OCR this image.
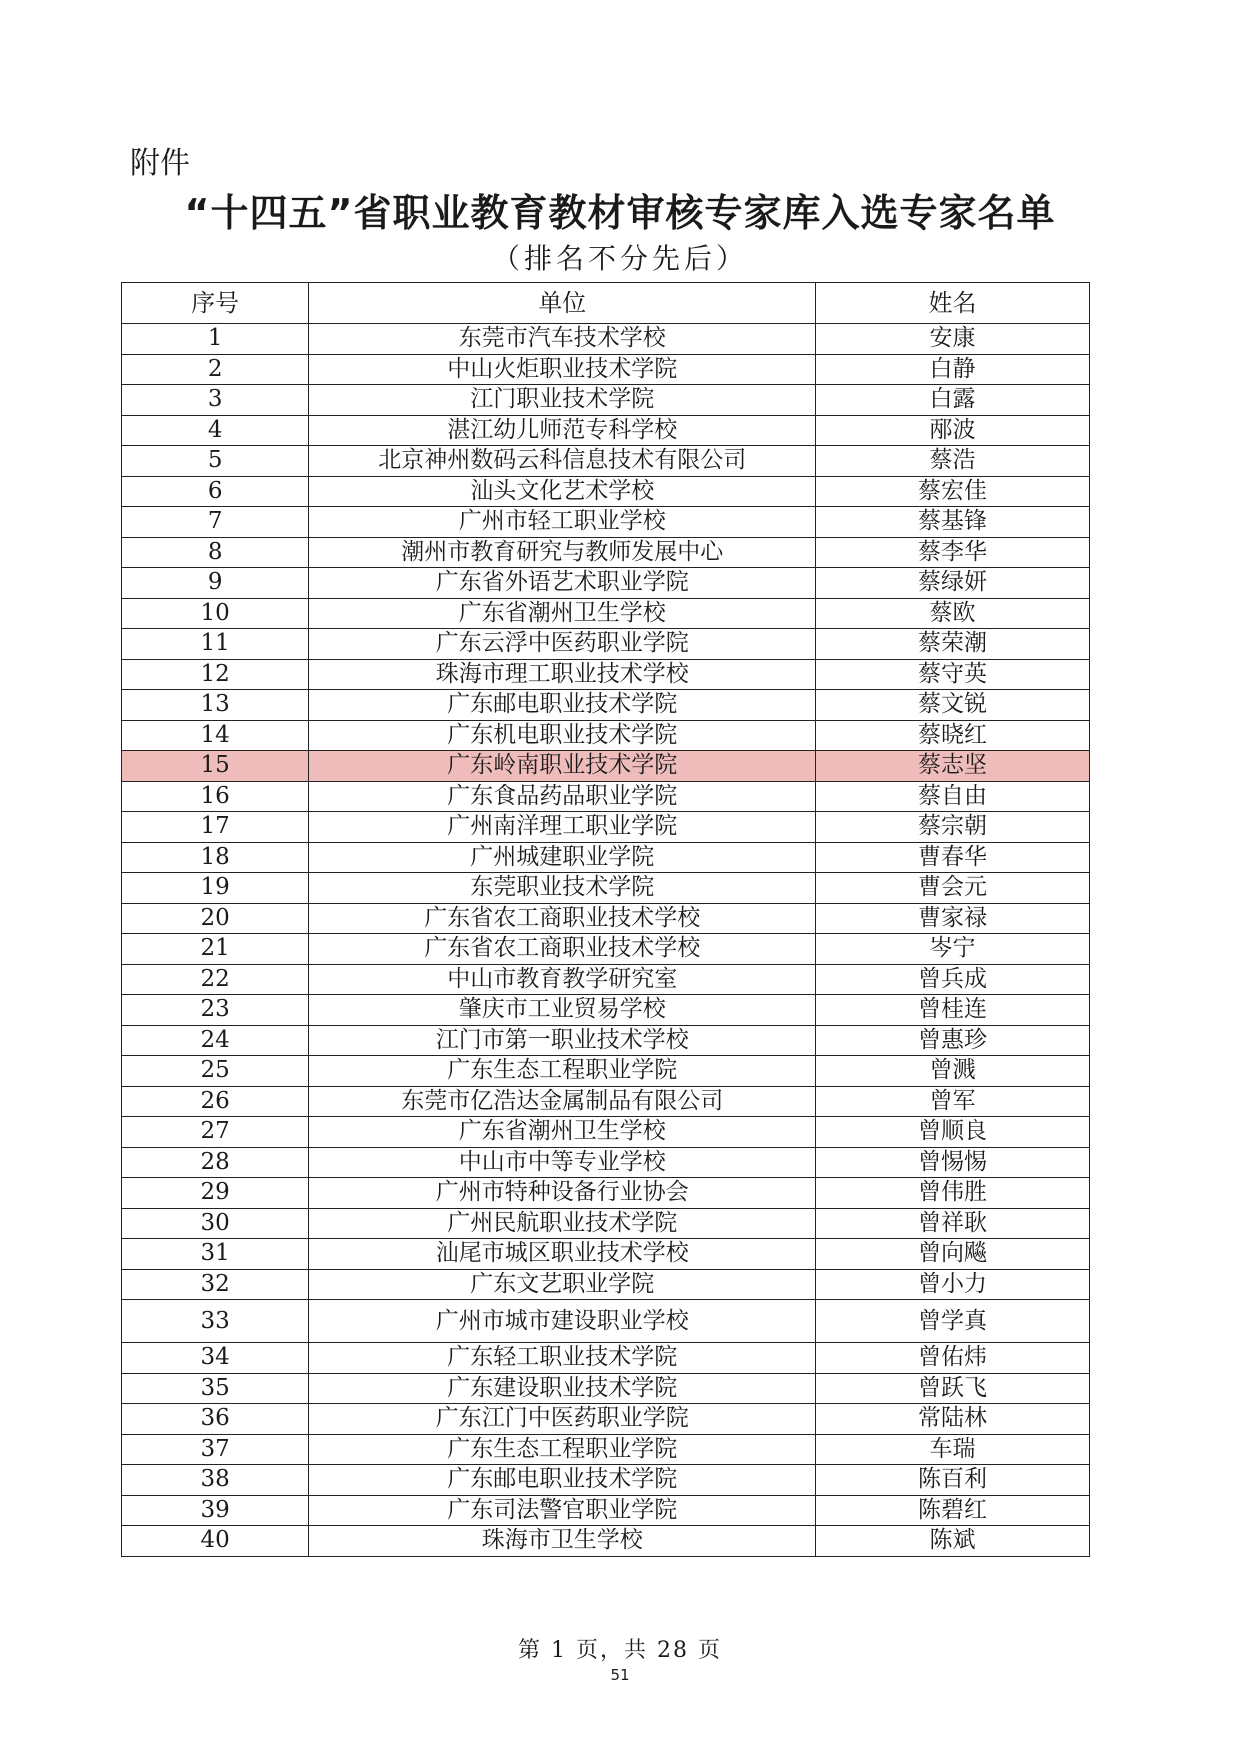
附件
“十四五”省职业教育教材审核专家库入选专家名单
（排名不分先后）
序号	单位	姓名
1	东莞市汽车技术学校	安康
2	中山火炬职业技术学院	白静
3	江门职业技术学院	白露
4	湛江幼儿师范专科学校	邴波
5	北京神州数码云科信息技术有限公司	蔡浩
6	汕头文化艺术学校	蔡宏佳
7	广州市轻工职业学校	蔡基锋
8	潮州市教育研究与教师发展中心	蔡李华
9	广东省外语艺术职业学院	蔡绿妍
10	广东省潮州卫生学校	蔡欧
11	广东云浮中医药职业学院	蔡荣潮
12	珠海市理工职业技术学校	蔡守英
13	广东邮电职业技术学院	蔡文锐
14	广东机电职业技术学院	蔡晓红
15	广东岭南职业技术学院	蔡志坚
16	广东食品药品职业学院	蔡自由
17	广州南洋理工职业学院	蔡宗朝
18	广州城建职业学院	曹春华
19	东莞职业技术学院	曹会元
20	广东省农工商职业技术学校	曹家禄
21	广东省农工商职业技术学校	岑宁
22	中山市教育教学研究室	曾兵成
23	肇庆市工业贸易学校	曾桂连
24	江门市第一职业技术学校	曾惠珍
25	广东生态工程职业学院	曾溅
26	东莞市亿浩达金属制品有限公司	曾军
27	广东省潮州卫生学校	曾顺良
28	中山市中等专业学校	曾惕惕
29	广州市特种设备行业协会	曾伟胜
30	广州民航职业技术学院	曾祥耿
31	汕尾市城区职业技术学校	曾向飚
32	广东文艺职业学院	曾小力
33	广州市城市建设职业学校	曾学真
34	广东轻工职业技术学院	曾佑炜
35	广东建设职业技术学院	曾跃飞
36	广东江门中医药职业学院	常陆林
37	广东生态工程职业学院	车瑞
38	广东邮电职业技术学院	陈百利
39	广东司法警官职业学院	陈碧红
40	珠海市卫生学校	陈斌
第 1 页，共 28 页
51
